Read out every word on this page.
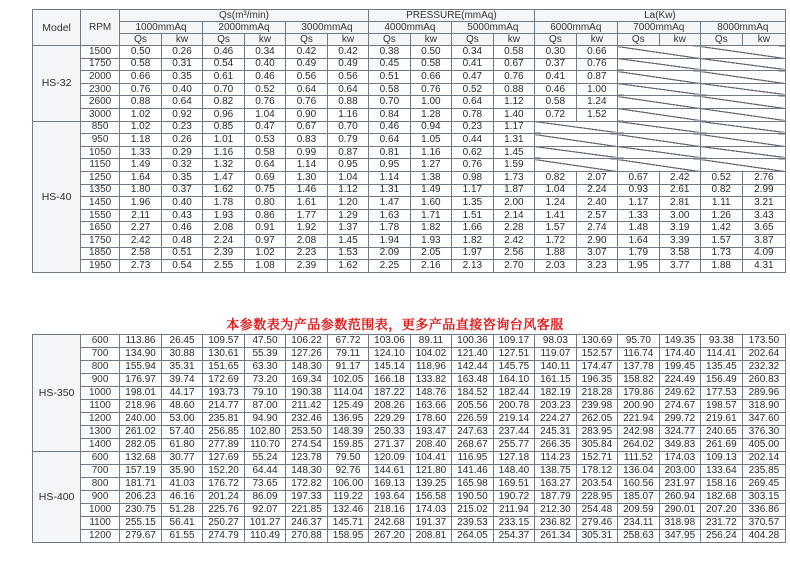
Model	RPM	Qs(m³/min)						PRESSURE(mmAq)				La(Kw)					
		1000mmAq		2000mmAq		3000mmAq		4000mmAq		5000mmAq		6000mmAq		7000mmAq		8000mmAq	
		Qs	kw	Qs	kw	Qs	kw	Qs	kw	Qs	kw	Qs	kw	Qs	kw	Qs	kw
HS-32	1500	0.50	0.26	0.46	0.34	0.42	0.42	0.38	0.50	0.34	0.58	0.30	0.66				
	1750	0.58	0.31	0.54	0.40	0.49	0.49	0.45	0.58	0.41	0.67	0.37	0.76				
	2000	0.66	0.35	0.61	0.46	0.56	0.56	0.51	0.66	0.47	0.76	0.41	0.87				
	2300	0.76	0.40	0.70	0.52	0.64	0.64	0.58	0.76	0.52	0.88	0.46	1.00				
	2600	0.88	0.64	0.82	0.76	0.76	0.88	0.70	1.00	0.64	1.12	0.58	1.24				
	3000	1.02	0.92	0.96	1.04	0.90	1.16	0.84	1.28	0.78	1.40	0.72	1.52				
HS-40	850	1.02	0.23	0.85	0.47	0.67	0.70	0.46	0.94	0.23	1.17						
	950	1.18	0.26	1.01	0.53	0.83	0.79	0.64	1.05	0.44	1.31						
	1050	1.33	0.29	1.16	0.58	0.99	0.87	0.81	1.16	0.62	1.45						
	1150	1.49	0.32	1.32	0.64	1.14	0.95	0.95	1.27	0.76	1.59						
	1250	1.64	0.35	1.47	0.69	1.30	1.04	1.14	1.38	0.98	1.73	0.82	2.07	0.67	2.42	0.52	2.76
	1350	1.80	0.37	1.62	0.75	1.46	1.12	1.31	1.49	1.17	1.87	1.04	2.24	0.93	2.61	0.82	2.99
	1450	1.96	0.40	1.78	0.80	1.61	1.20	1.47	1.60	1.35	2.00	1.24	2.40	1.17	2.81	1.11	3.21
	1550	2.11	0.43	1.93	0.86	1.77	1.29	1.63	1.71	1.51	2.14	1.41	2.57	1.33	3.00	1.26	3.43
	1650	2.27	0.46	2.08	0.91	1.92	1.37	1.78	1.82	1.66	2.28	1.57	2.74	1.48	3.19	1.42	3.65
	1750	2.42	0.48	2.24	0.97	2.08	1.45	1.94	1.93	1.82	2.42	1.72	2.90	1.64	3.39	1.57	3.87
	1850	2.58	0.51	2.39	1.02	2.23	1.53	2.09	2.05	1.97	2.56	1.88	3.07	1.79	3.58	1.73	4.09
	1950	2.73	0.54	2.55	1.08	2.39	1.62	2.25	2.16	2.13	2.70	2.03	3.23	1.95	3.77	1.88	4.31
本参数表为产品参数范围表，更多产品直接咨询台风客服
HS-350	600	113.86	26.45	109.57	47.50	106.22	67.72	103.06	89.11	100.36	109.17	98.03	130.69	95.70	149.35	93.38	173.50
	700	134.90	30.88	130.61	55.39	127.26	79.11	124.10	104.02	121.40	127.51	119.07	152.57	116.74	174.40	114.41	202.64
	800	155.94	35.31	151.65	63.30	148.30	91.17	145.14	118.96	142.44	145.75	140.11	174.47	137.78	199.45	135.45	232.32
	900	176.97	39.74	172.69	73.20	169.34	102.05	166.18	133.82	163.48	164.10	161.15	196.35	158.82	224.49	156.49	260.83
	1000	198.01	44.17	193.73	79.10	190.38	114.04	187.22	148.76	184.52	182.44	182.19	218.28	179.86	249.62	177.53	289.96
	1100	218.96	48.60	214.77	87.00	211.42	125.49	208.26	163.66	205.56	200.78	203.23	239.98	200.90	274.67	198.57	318.90
	1200	240.00	53.00	235.81	94.90	232.46	136.95	229.29	178.60	226.59	219.14	224.27	262.05	221.94	299.72	219.61	347.60
	1300	261.02	57.40	256.85	102.80	253.50	148.39	250.33	193.47	247.63	237.44	245.31	283.95	242.98	324.77	240.65	376.30
	1400	282.05	61.80	277.89	110.70	274.54	159.85	271.37	208.40	268.67	255.77	266.35	305.84	264.02	349.83	261.69	405.00
HS-400	600	132.68	30.77	127.69	55.24	123.78	79.50	120.09	104.41	116.95	127.18	114.23	152.71	111.52	174.03	109.13	202.14
	700	157.19	35.90	152.20	64.44	148.30	92.76	144.61	121.80	141.46	148.40	138.75	178.12	136.04	203.00	133.64	235.85
	800	181.71	41.03	176.72	73.65	172.82	106.00	169.13	139.25	165.98	169.51	163.27	203.54	160.56	231.97	158.16	269.45
	900	206.23	46.16	201.24	86.09	197.33	119.22	193.64	156.58	190.50	190.72	187.79	228.95	185.07	260.94	182.68	303.15
	1000	230.75	51.28	225.76	92.07	221.85	132.46	218.16	174.03	215.02	211.94	212.30	254.48	209.59	290.01	207.20	336.86
	1100	255.15	56.41	250.27	101.27	246.37	145.71	242.68	191.37	239.53	233.15	236.82	279.46	234.11	318.98	231.72	370.57
	1200	279.67	61.55	274.79	110.49	270.88	158.95	267.20	208.81	264.05	254.37	261.34	305.31	258.63	347.95	256.24	404.28
